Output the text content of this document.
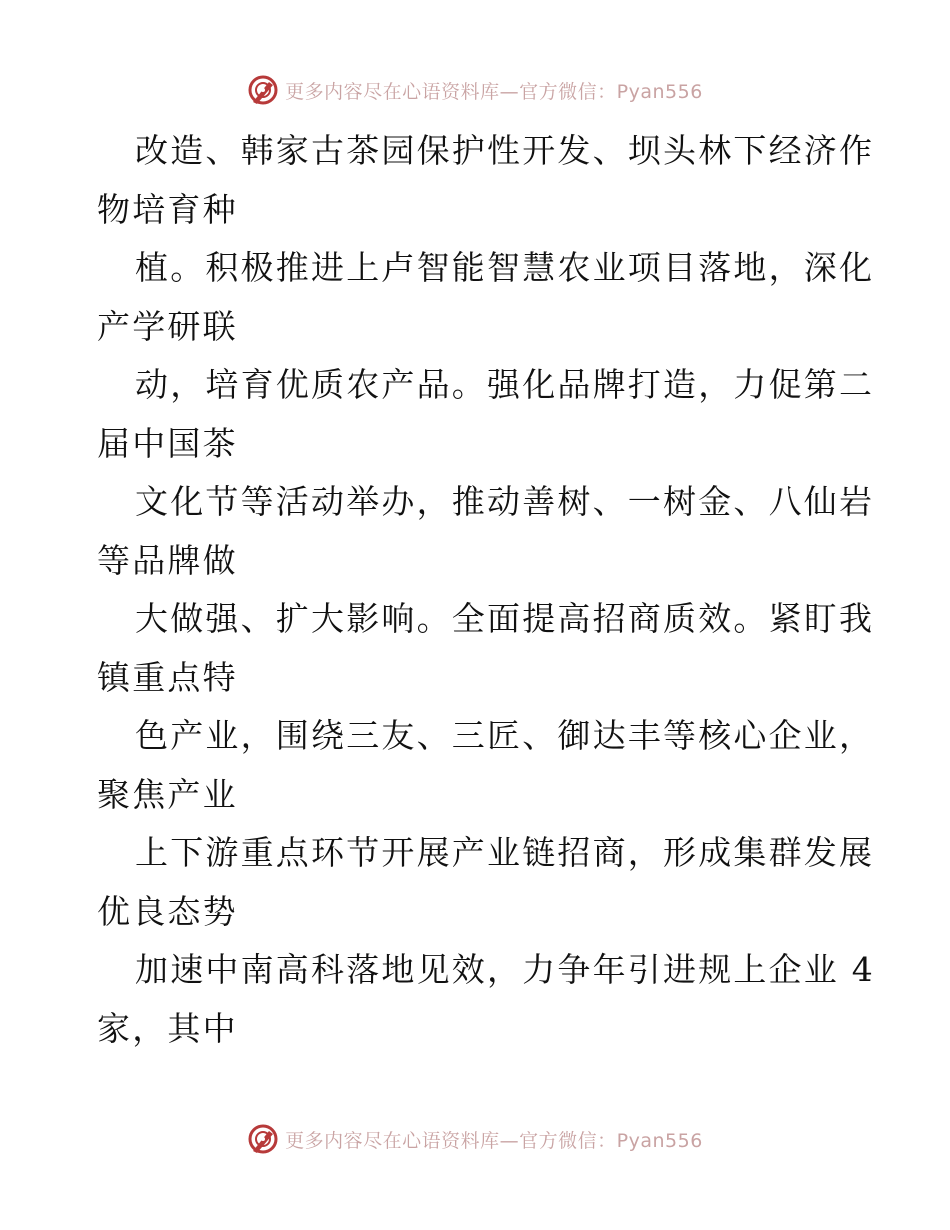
更多内容尽在心语资料库—官方微信：Pyan556
改造、韩家古茶园保护性开发、坝头林下经济作
物培育种
植。积极推进上卢智能智慧农业项目落地，深化
产学研联
动，培育优质农产品。强化品牌打造，力促第二
届中国茶
文化节等活动举办，推动善树、一树金、八仙岩
等品牌做
大做强、扩大影响。全面提高招商质效。紧盯我
镇重点特
色产业，围绕三友、三匠、御达丰等核心企业，
聚焦产业
上下游重点环节开展产业链招商，形成集群发展
优良态势
加速中南高科落地见效，力争年引进规上企业 4
家，其中
更多内容尽在心语资料库—官方微信：Pyan556
